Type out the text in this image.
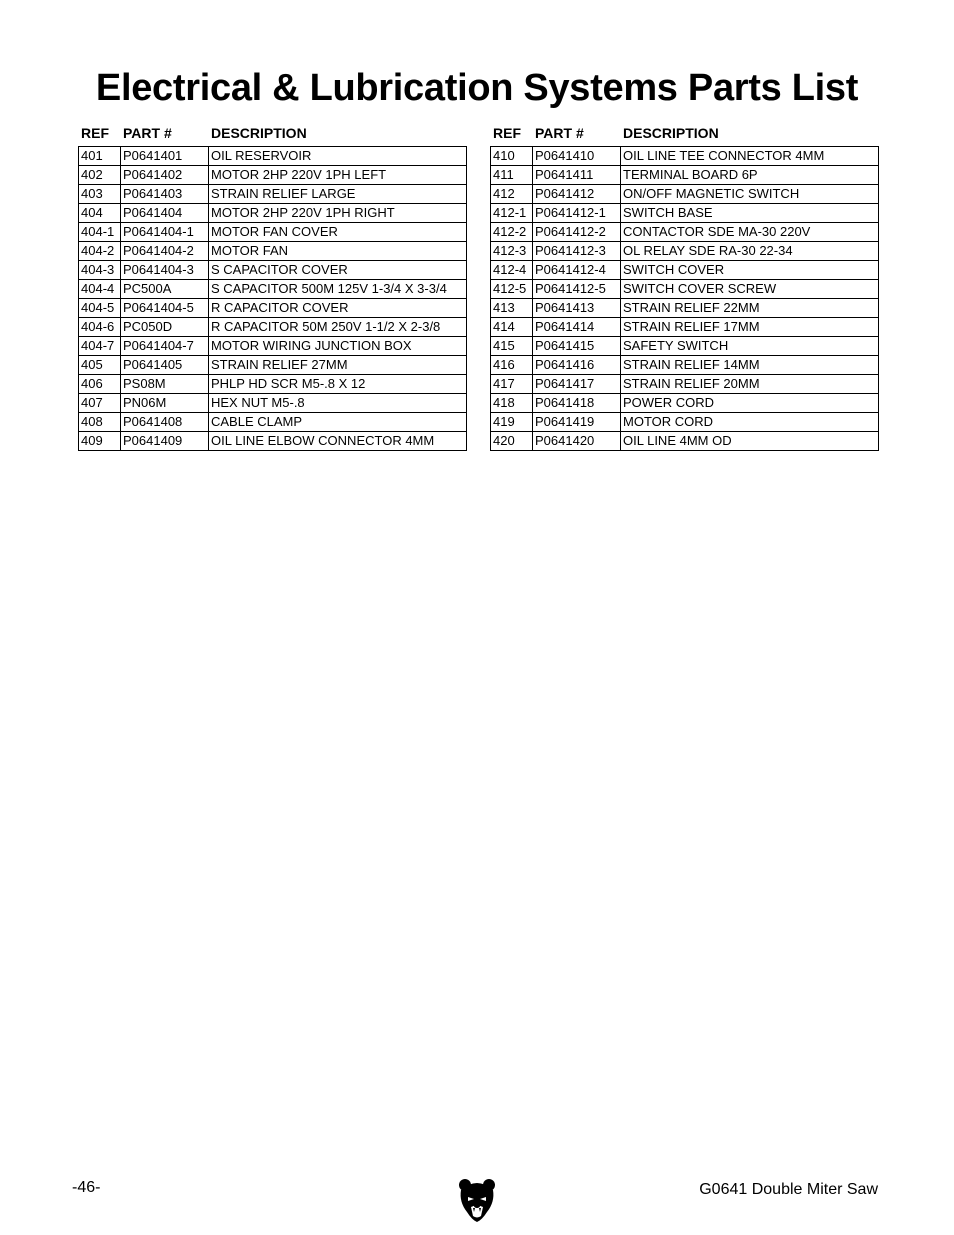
Electrical & Lubrication Systems Parts List
REF PART #	DESCRIPTION
401	P0641401	OIL RESERVOIR
402	P0641402	MOTOR 2HP 220V 1PH LEFT
403	P0641403	STRAIN RELIEF LARGE
404	P0641404	MOTOR 2HP 220V 1PH RIGHT
404-1	P0641404-1	MOTOR FAN COVER
404-2	P0641404-2	MOTOR FAN
404-3	P0641404-3	S CAPACITOR COVER
404-4	PC500A	S CAPACITOR 500M 125V 1-3/4 X 3-3/4
404-5	P0641404-5	R CAPACITOR COVER
404-6	PC050D	R CAPACITOR 50M 250V 1-1/2 X 2-3/8
404-7	P0641404-7	MOTOR WIRING JUNCTION BOX
405	P0641405	STRAIN RELIEF 27MM
406	PS08M	PHLP HD SCR M5-.8 X 12
407	PN06M	HEX NUT M5-.8
408	P0641408	CABLE CLAMP
409	P0641409	OIL LINE ELBOW CONNECTOR 4MM
REF PART #	DESCRIPTION
410	P0641410	OIL LINE TEE CONNECTOR 4MM
411	P0641411	TERMINAL BOARD 6P
412	P0641412	ON/OFF MAGNETIC SWITCH
412-1	P0641412-1	SWITCH BASE
412-2	P0641412-2	CONTACTOR SDE MA-30 220V
412-3	P0641412-3	OL RELAY SDE RA-30 22-34
412-4	P0641412-4	SWITCH COVER
412-5	P0641412-5	SWITCH COVER SCREW
413	P0641413	STRAIN RELIEF 22MM
414	P0641414	STRAIN RELIEF 17MM
415	P0641415	SAFETY SWITCH
416	P0641416	STRAIN RELIEF 14MM
417	P0641417	STRAIN RELIEF 20MM
418	P0641418	POWER CORD
419	P0641419	MOTOR CORD
420	P0641420	OIL LINE 4MM OD
-46-	G0641 Double Miter Saw
